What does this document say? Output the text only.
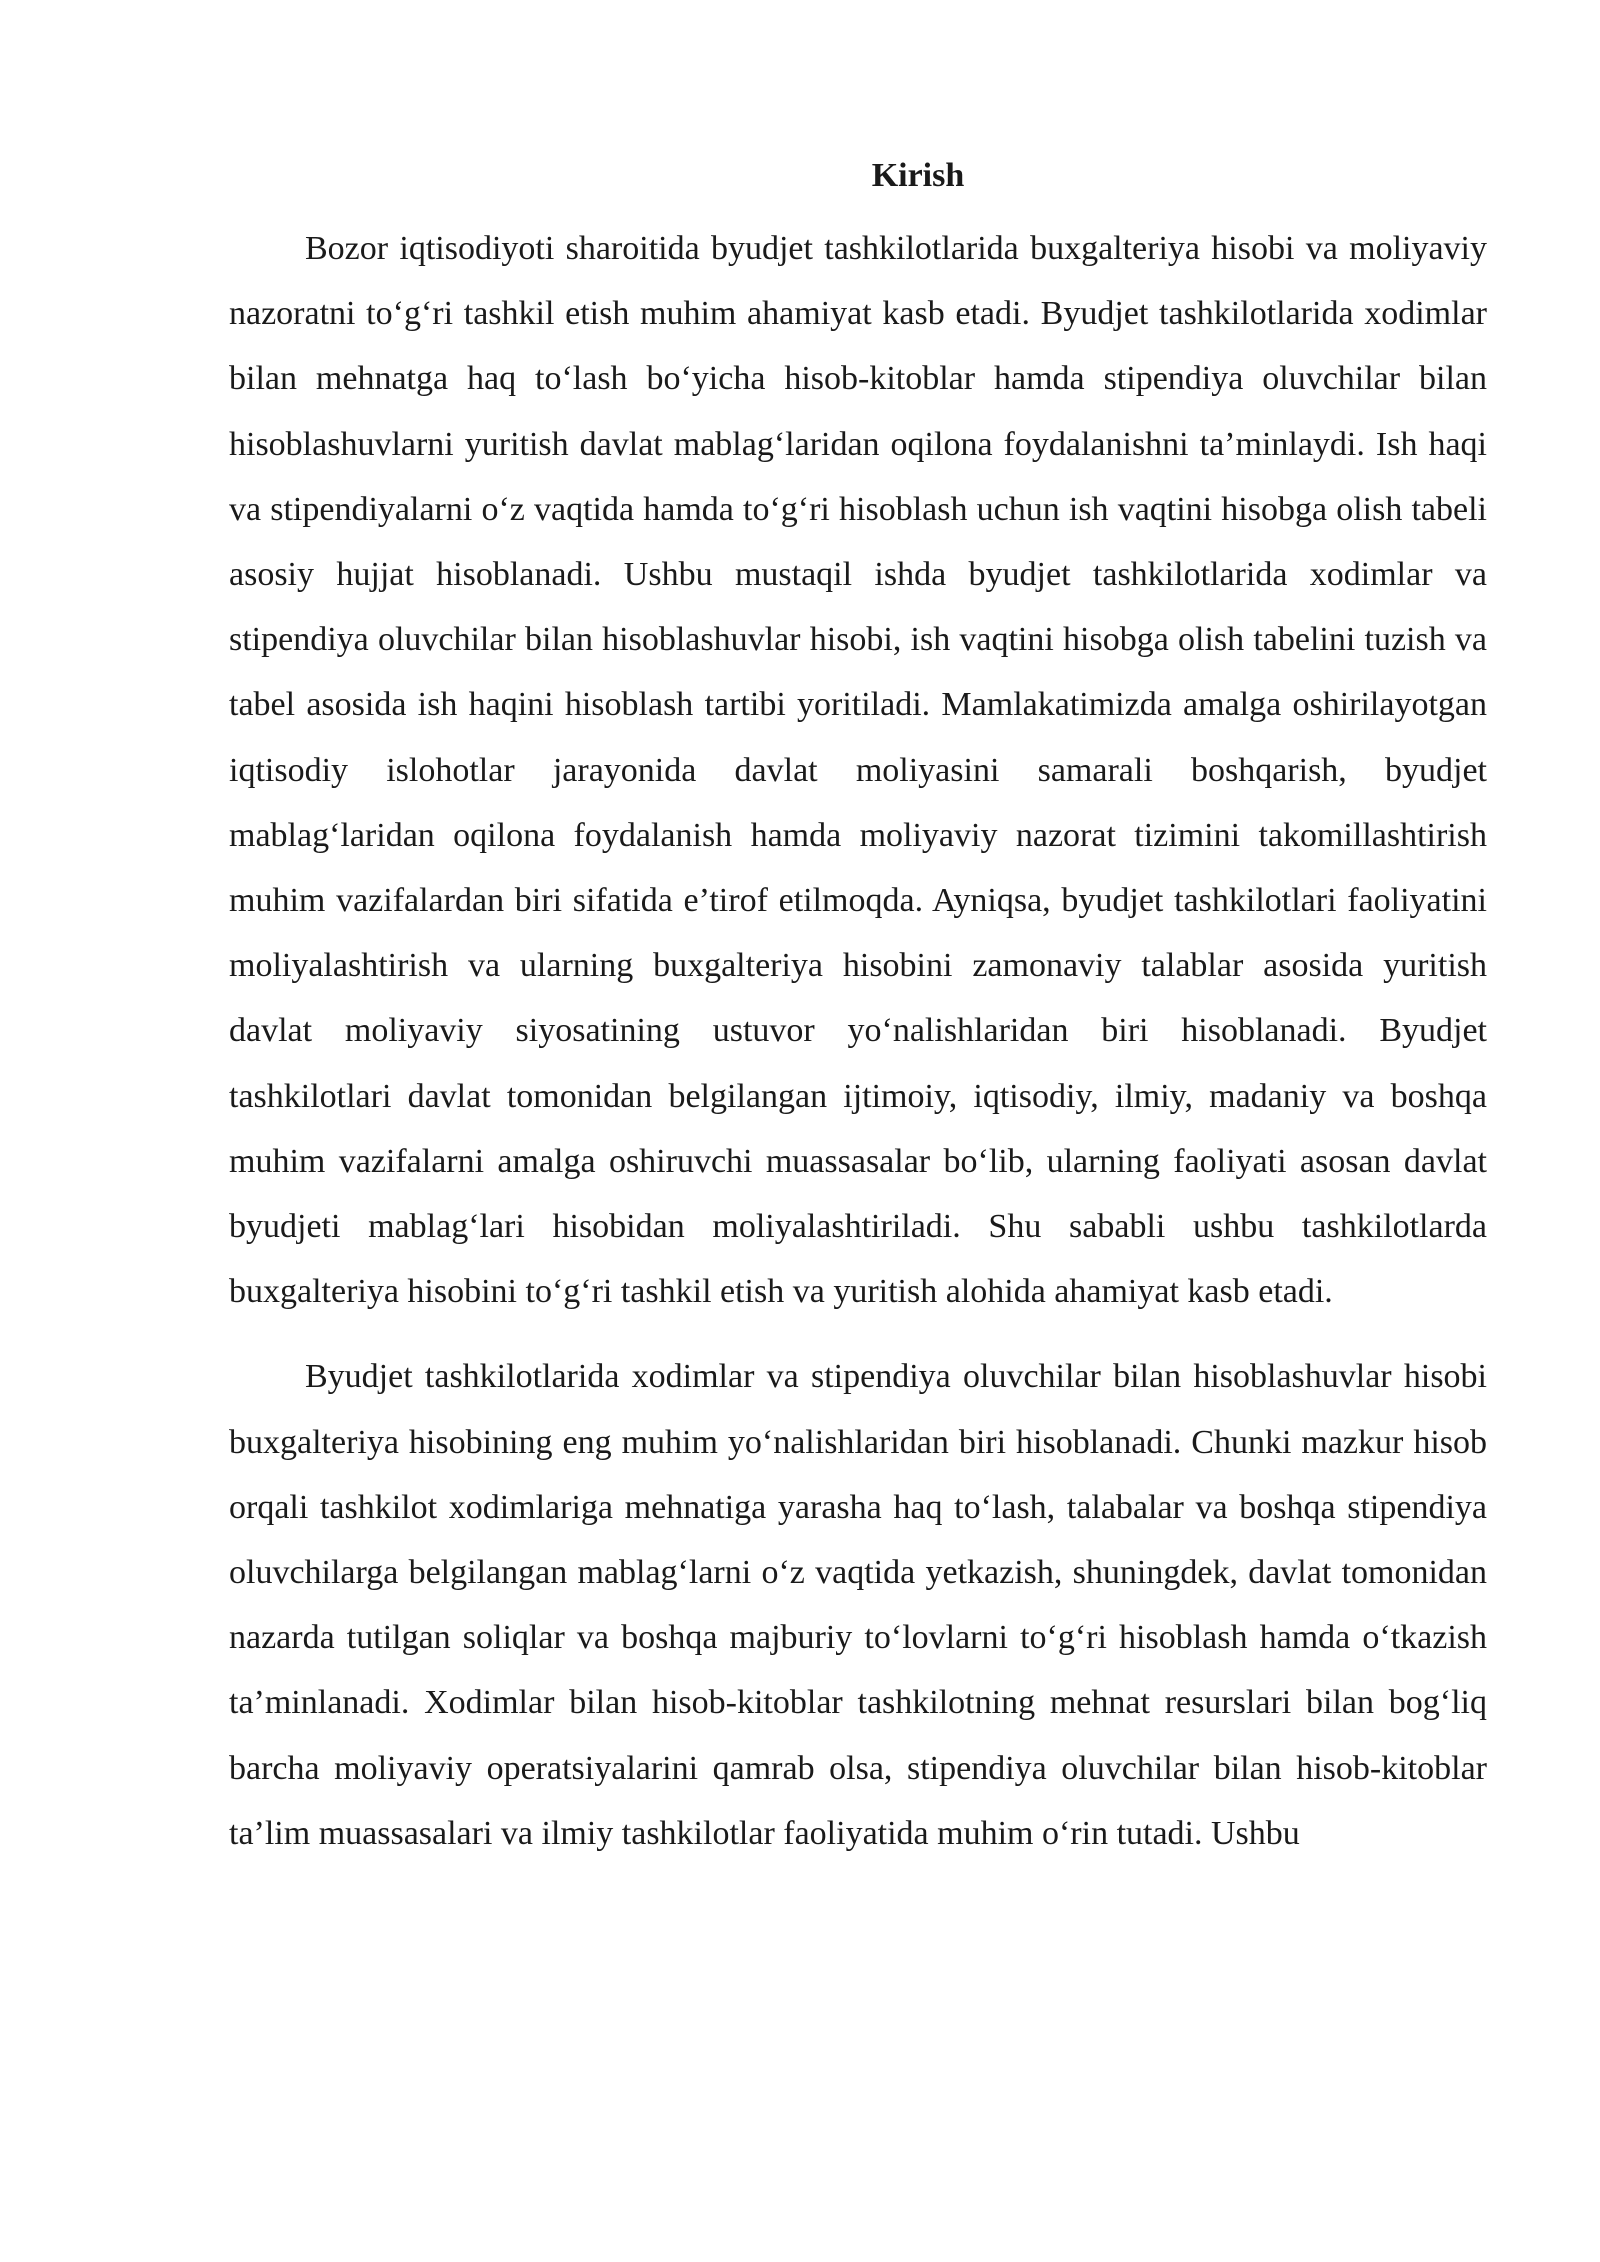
Kirish

Bozor iqtisodiyoti sharoitida byudjet tashkilotlarida buxgalteriya hisobi va moliyaviy nazoratni to‘g‘ri tashkil etish muhim ahamiyat kasb etadi. Byudjet tashkilotlarida xodimlar bilan mehnatga haq to‘lash bo‘yicha hisob-kitoblar hamda stipendiya oluvchilar bilan hisoblashuvlarni yuritish davlat mablag‘laridan oqilona foydalanishni ta’minlaydi. Ish haqi va stipendiyalarni o‘z vaqtida hamda to‘g‘ri hisoblash uchun ish vaqtini hisobga olish tabeli asosiy hujjat hisoblanadi. Ushbu mustaqil ishda byudjet tashkilotlarida xodimlar va stipendiya oluvchilar bilan hisoblashuvlar hisobi, ish vaqtini hisobga olish tabelini tuzish va tabel asosida ish haqini hisoblash tartibi yoritiladi. Mamlakatimizda amalga oshirilayotgan iqtisodiy islohotlar jarayonida davlat moliyasini samarali boshqarish, byudjet mablag‘laridan oqilona foydalanish hamda moliyaviy nazorat tizimini takomillashtirish muhim vazifalardan biri sifatida e’tirof etilmoqda. Ayniqsa, byudjet tashkilotlari faoliyatini moliyalashtirish va ularning buxgalteriya hisobini zamonaviy talablar asosida yuritish davlat moliyaviy siyosatining ustuvor yo‘nalishlaridan biri hisoblanadi. Byudjet tashkilotlari davlat tomonidan belgilangan ijtimoiy, iqtisodiy, ilmiy, madaniy va boshqa muhim vazifalarni amalga oshiruvchi muassasalar bo‘lib, ularning faoliyati asosan davlat byudjeti mablag‘lari hisobidan moliyalashtiriladi. Shu sababli ushbu tashkilotlarda buxgalteriya hisobini to‘g‘ri tashkil etish va yuritish alohida ahamiyat kasb etadi.

Byudjet tashkilotlarida xodimlar va stipendiya oluvchilar bilan hisoblashuvlar hisobi buxgalteriya hisobining eng muhim yo‘nalishlaridan biri hisoblanadi. Chunki mazkur hisob orqali tashkilot xodimlariga mehnatiga yarasha haq to‘lash, talabalar va boshqa stipendiya oluvchilarga belgilangan mablag‘larni o‘z vaqtida yetkazish, shuningdek, davlat tomonidan nazarda tutilgan soliqlar va boshqa majburiy to‘lovlarni to‘g‘ri hisoblash hamda o‘tkazish ta’minlanadi. Xodimlar bilan hisob-kitoblar tashkilotning mehnat resurslari bilan bog‘liq barcha moliyaviy operatsiyalarini qamrab olsa, stipendiya oluvchilar bilan hisob-kitoblar ta’lim muassasalari va ilmiy tashkilotlar faoliyatida muhim o‘rin tutadi. Ushbu
